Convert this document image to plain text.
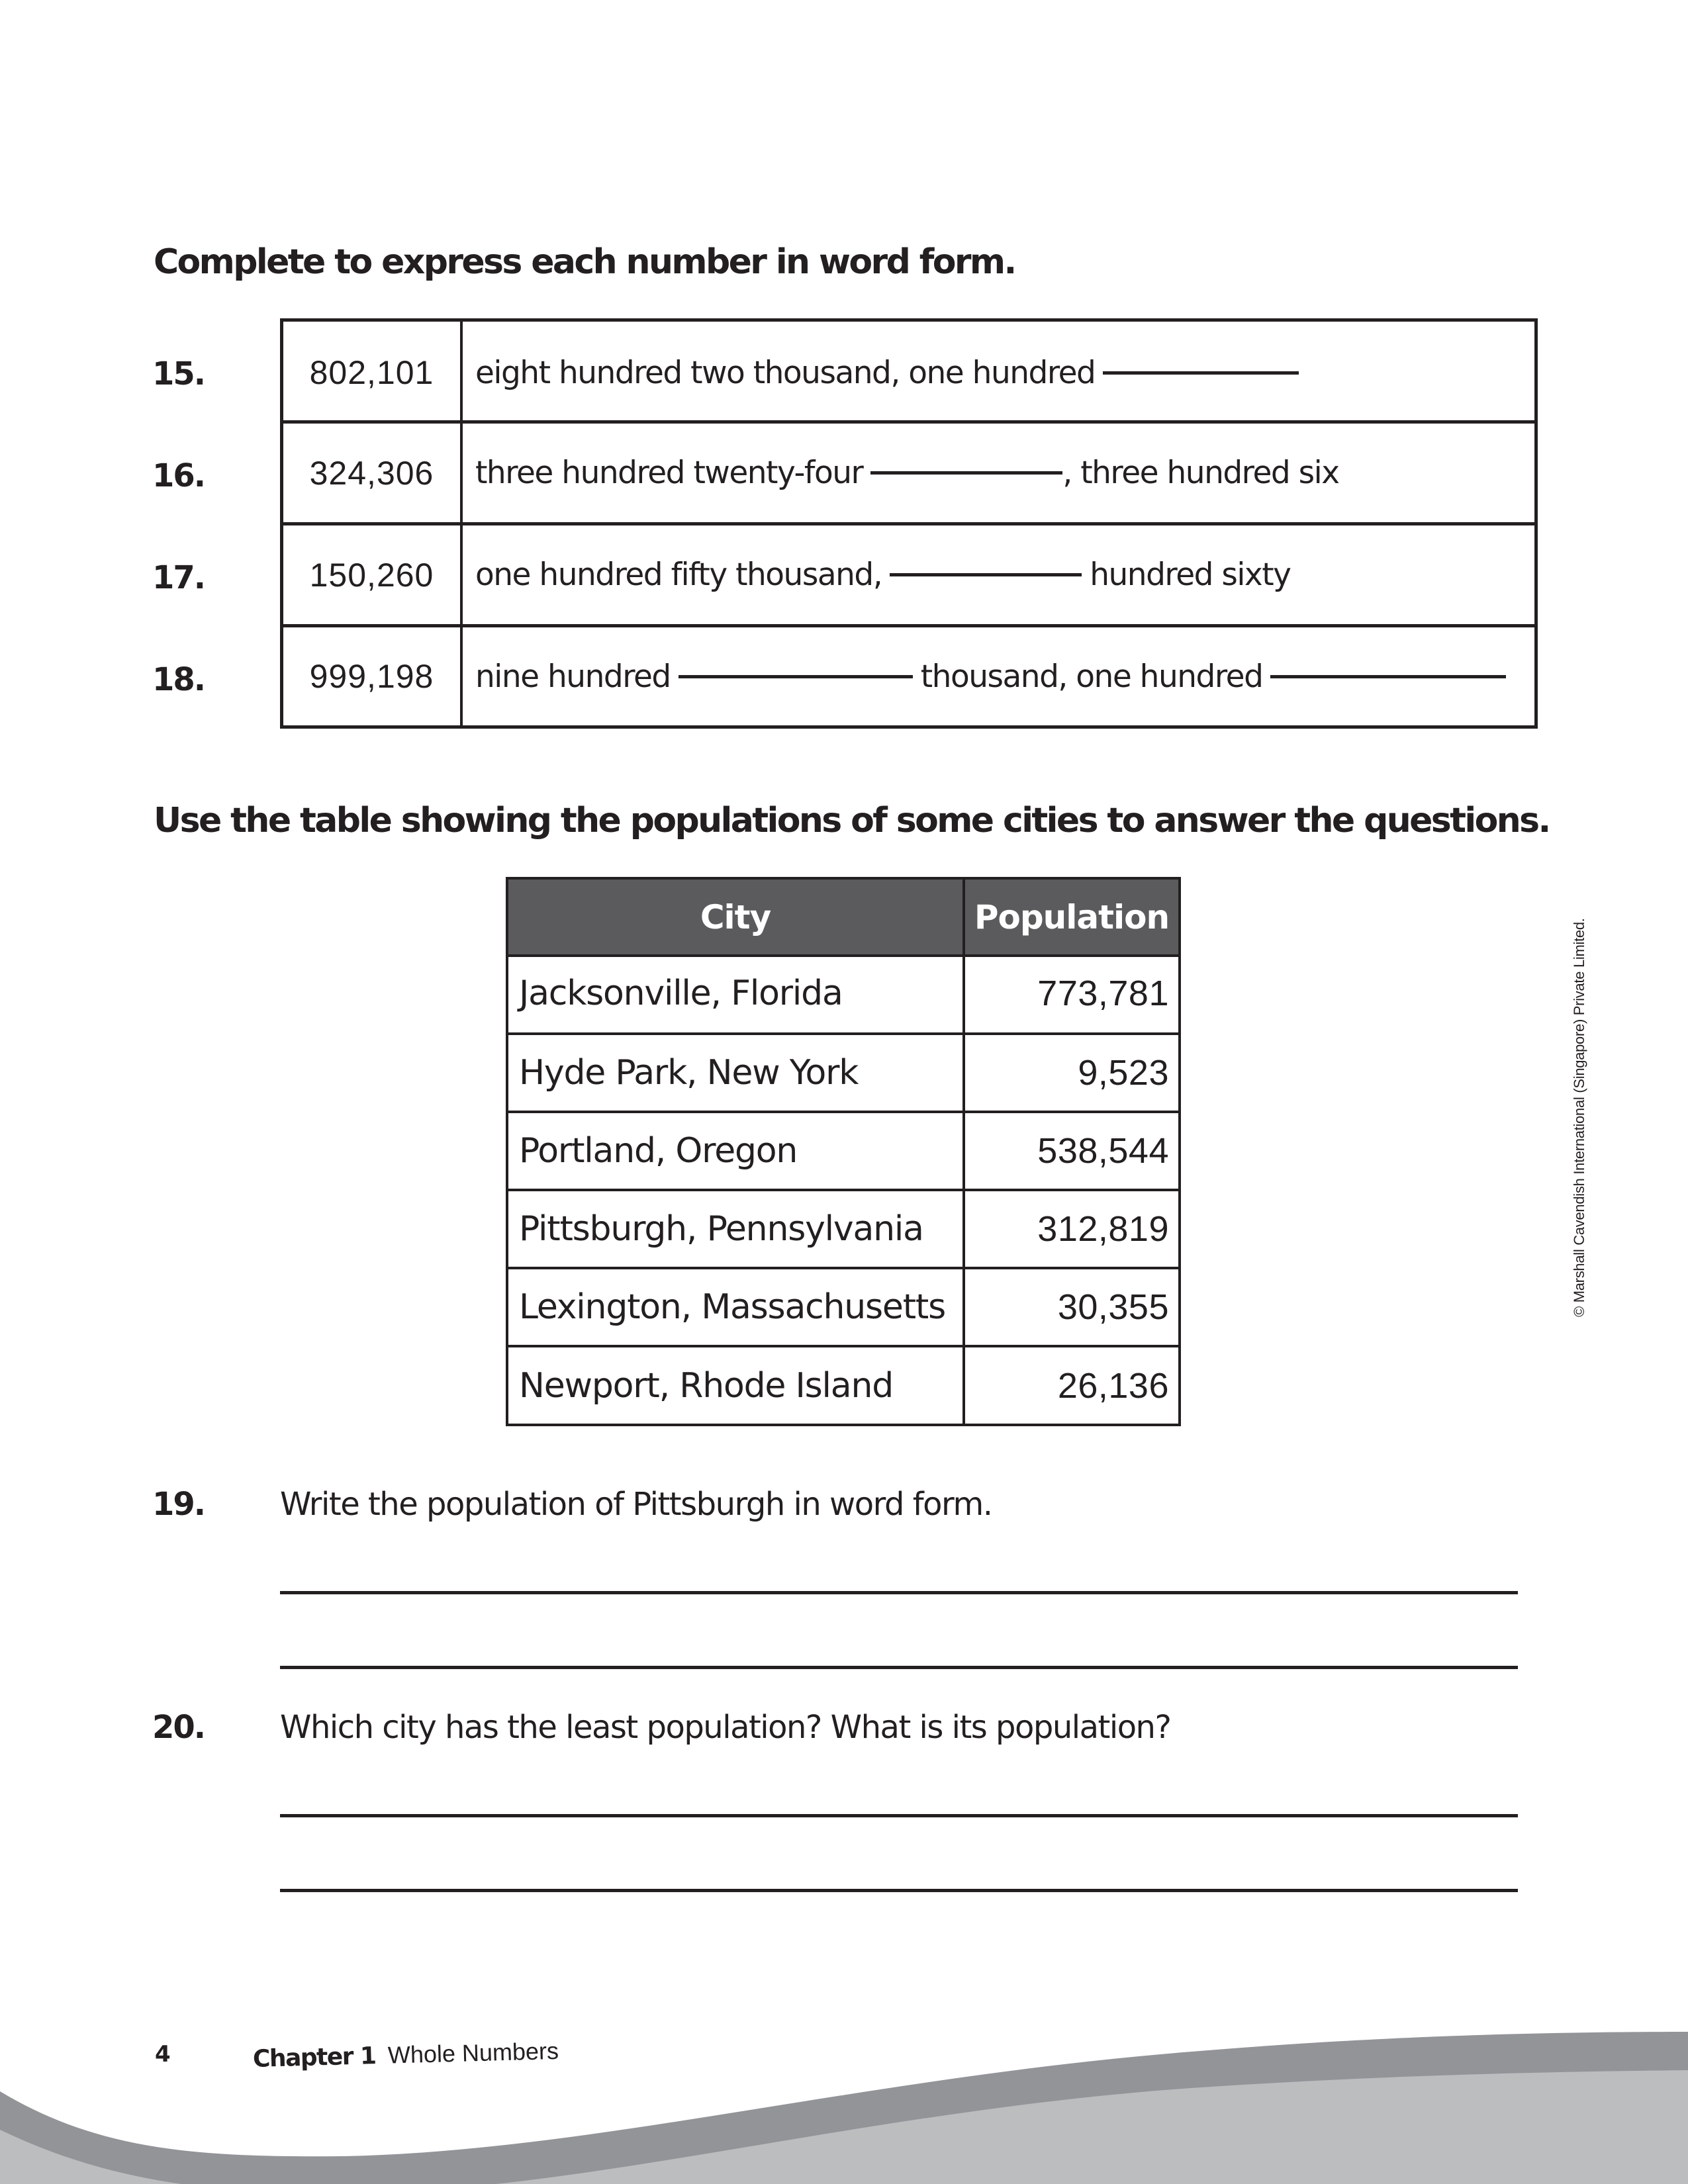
Complete to express each number in word form.
15.
16.
17.
18.
802,101	eight hundred two thousand, one hundred
324,306	three hundred twenty-four	, three hundred six
150,260	one hundred fifty thousand,	hundred sixty
999,198	nine hundred	thousand, one hundred
Use the table showing the populations of some cities to answer the questions.
City	Population
Jacksonville, Florida	773,781
Hyde Park, New York	9,523
Portland, Oregon	538,544
Pittsburgh, Pennsylvania	312,819
Lexington, Massachusetts	30,355
Newport, Rhode Island	26,136
© Marshall Cavendish International (Singapore) Private Limited.
19. Write the population of Pittsburgh in word form.
20. Which city has the least population? What is its population?
4	Chapter 1 Whole Numbers
